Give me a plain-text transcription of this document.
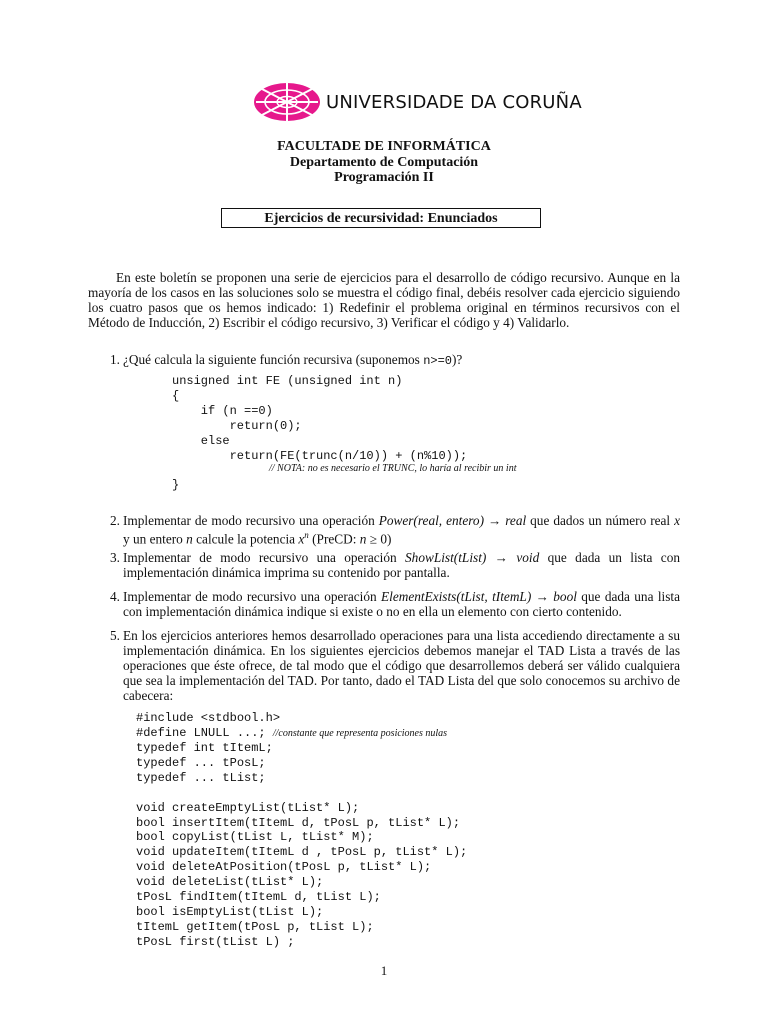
UNIVERSIDADE DA CORUÑA
FACULTADE DE INFORMÁTICA
Departamento de Computación
Programación II
Ejercicios de recursividad: Enunciados
En este boletín se proponen una serie de ejercicios para el desarrollo de código recursivo. Aunque en la mayoría de los casos en las soluciones solo se muestra el código final, debéis resolver cada ejercicio siguiendo los cuatro pasos que os hemos indicado: 1) Redefinir el problema original en términos recursivos con el Método de Inducción, 2) Escribir el código recursivo, 3) Verificar el código y 4) Validarlo.
1. ¿Qué calcula la siguiente función recursiva (suponemos n>=0)?
unsigned int FE (unsigned int n)
{
if (n ==0)
return(0);
else
return(FE(trunc(n/10)) + (n%10));

}
// NOTA: no es necesario el TRUNC, lo haría al recibir un int
2. Implementar de modo recursivo una operación Power(real, entero) → real que dados un número real x y un entero n calcule la potencia $x^n$ (PreCD: n ≥ 0)
3. Implementar de modo recursivo una operación ShowList(tList) → void que dada un lista con implementación dinámica imprima su contenido por pantalla.
4. Implementar de modo recursivo una operación ElementExists(tList, tItemL) → bool que dada una lista con implementación dinámica indique si existe o no en ella un elemento con cierto contenido.
5. En los ejercicios anteriores hemos desarrollado operaciones para una lista accediendo directamente a su implementación dinámica. En los siguientes ejercicios debemos manejar el TAD Lista a través de las operaciones que éste ofrece, de tal modo que el código que desarrollemos deberá ser válido cualquiera que sea la implementación del TAD. Por tanto, dado el TAD Lista del que solo conocemos su archivo de cabecera:
#include <stdbool.h>
#define LNULL ...; //constante que representa posiciones nulas
typedef int tItemL;
typedef ... tPosL;
typedef ... tList;

void createEmptyList(tList* L);
bool insertItem(tItemL d, tPosL p, tList* L);
bool copyList(tList L, tList* M);
void updateItem(tItemL d , tPosL p, tList* L);
void deleteAtPosition(tPosL p, tList* L);
void deleteList(tList* L);
tPosL findItem(tItemL d, tList L);
bool isEmptyList(tList L);
tItemL getItem(tPosL p, tList L);
tPosL first(tList L) ;
1
